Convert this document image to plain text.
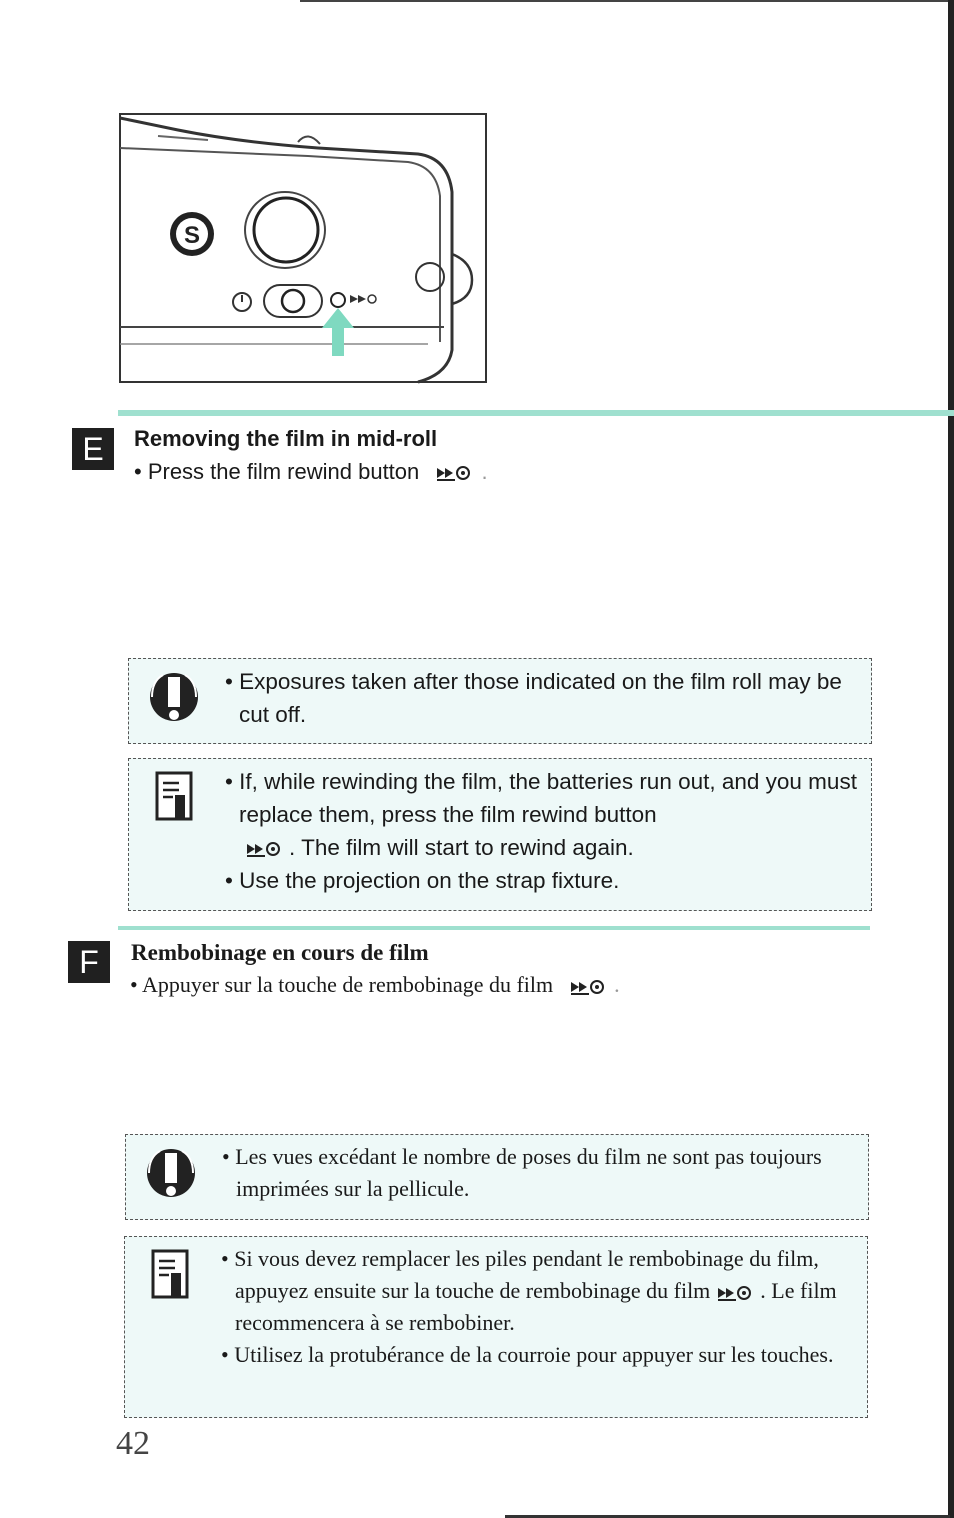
S
E	Removing the film in mid-roll
• Press the film rewind button	.
• Exposures taken after those indicated on the film roll may be cut off.
• If, while rewinding the film, the batteries run out, and you must replace them, press the film rewind button
. The film will start to rewind again.
• Use the projection on the strap fixture.
F	Rembobinage en cours de film
• Appuyer sur la touche de rembobinage du film	.
• Les vues excédant le nombre de poses du film ne sont pas toujours imprimées sur la pellicule.
• Si vous devez remplacer les piles pendant le rembobinage du film, appuyez ensuite sur la touche de rembobinage du film . Le film recommencera à se rembobiner.
• Utilisez la protubérance de la courroie pour appuyer sur les touches.
42
